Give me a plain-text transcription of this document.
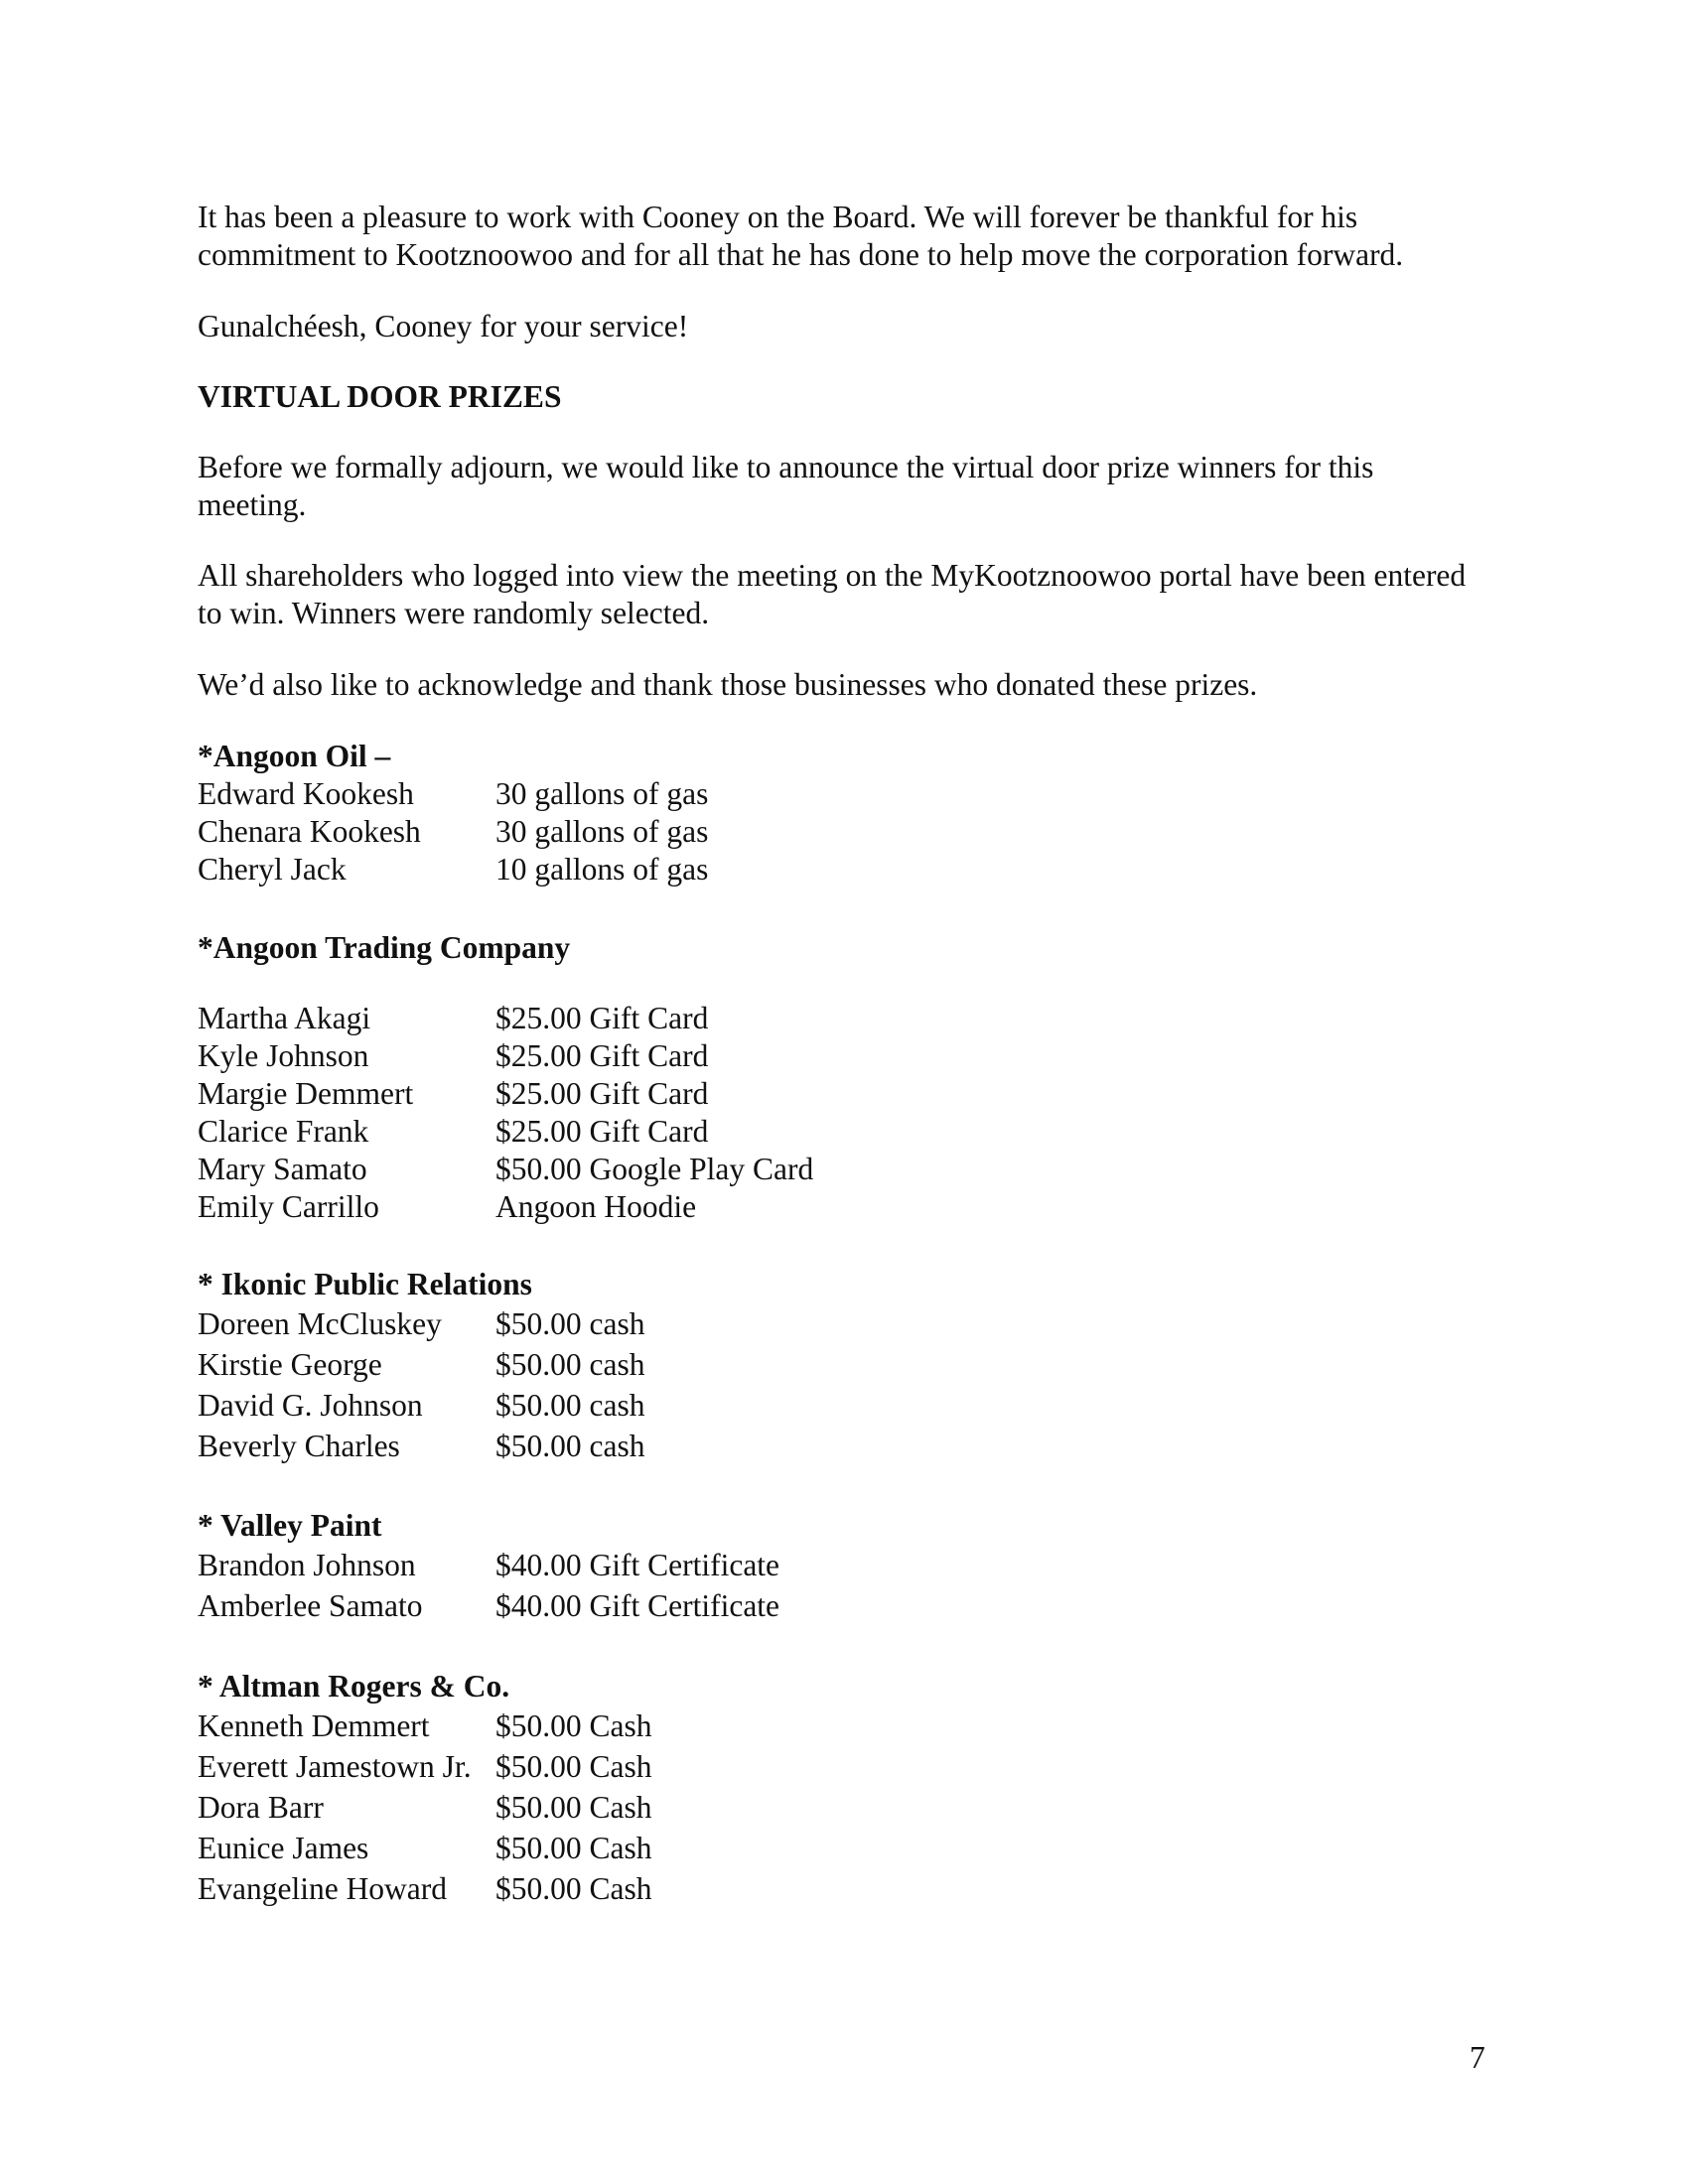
It has been a pleasure to work with Cooney on the Board. We will forever be thankful for his commitment to Kootznoowoo and for all that he has done to help move the corporation forward.

Gunalchéesh, Cooney for your service!

VIRTUAL DOOR PRIZES

Before we formally adjourn, we would like to announce the virtual door prize winners for this meeting.

All shareholders who logged into view the meeting on the MyKootznoowoo portal have been entered to win. Winners were randomly selected.

We’d also like to acknowledge and thank those businesses who donated these prizes.

*Angoon Oil –
Edward Kookesh	30 gallons of gas
Chenara Kookesh	30 gallons of gas
Cheryl Jack	10 gallons of gas
*Angoon Trading Company
Martha Akagi	$25.00 Gift Card
Kyle Johnson	$25.00 Gift Card
Margie Demmert	$25.00 Gift Card
Clarice Frank	$25.00 Gift Card
Mary Samato	$50.00 Google Play Card
Emily Carrillo	Angoon Hoodie
* Ikonic Public Relations
Doreen McCluskey	$50.00 cash
Kirstie George	$50.00 cash
David G. Johnson	$50.00 cash
Beverly Charles	$50.00 cash
* Valley Paint
Brandon Johnson	$40.00 Gift Certificate
Amberlee Samato	$40.00 Gift Certificate
* Altman Rogers & Co.
Kenneth Demmert	$50.00 Cash
Everett Jamestown Jr. $50.00 Cash
Dora Barr	$50.00 Cash
Eunice James	$50.00 Cash
Evangeline Howard	$50.00 Cash
7
